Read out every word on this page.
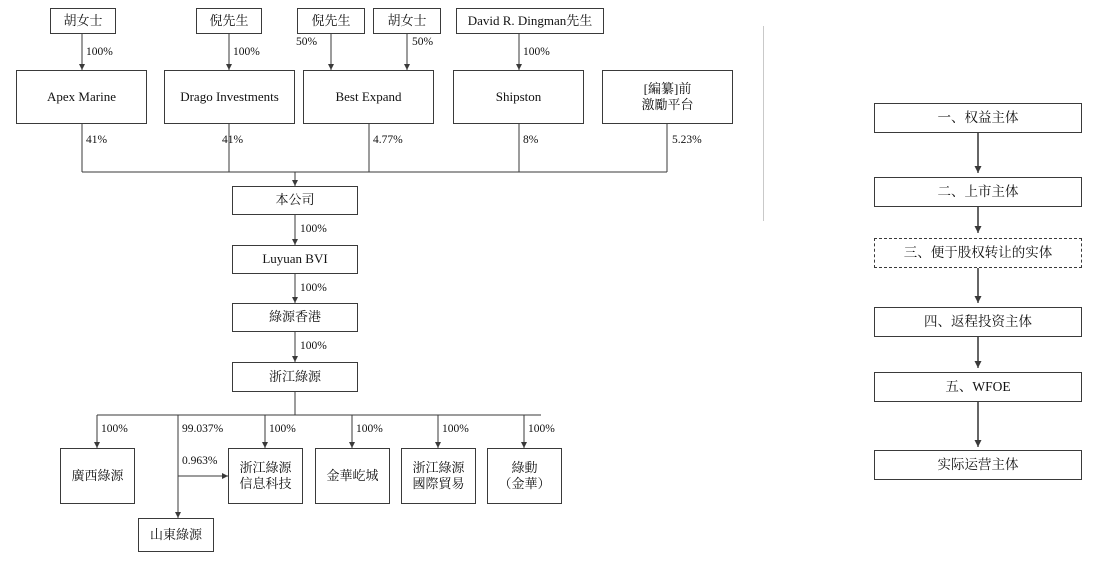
胡女士	倪先生	倪先生	胡女士	David R. Dingman先生
100%	100%
50%	50%
100%
Apex Marine	Drago Investments	Best Expand	Shipston
[編纂]前
激勵平台
41%	41%	4.77%	8%	5.23%
本公司
Luyuan BVI
綠源香港
浙江綠源
100%
100%
100%
100%	99.037%	100%	100%	100%	100%
0.963%
廣西綠源
浙江綠源
信息科技
金華屹城
浙江綠源
國際貿易
綠動
（金華）
山東綠源
一、权益主体
二、上市主体
三、便于股权转让的实体
四、返程投资主体
五、WFOE
实际运营主体
